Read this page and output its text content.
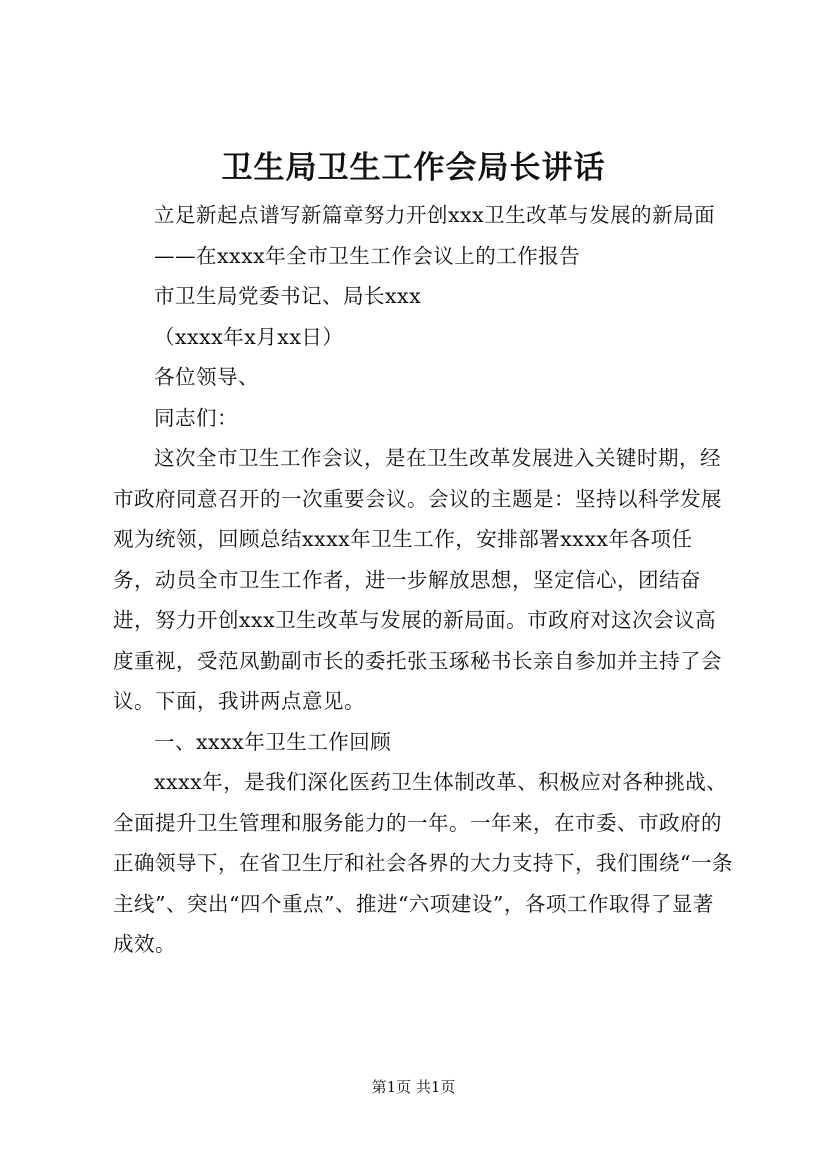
卫生局卫生工作会局长讲话

立足新起点谱写新篇章努力开创xxx卫生改革与发展的新局面

——在xxxx年全市卫生工作会议上的工作报告

市卫生局党委书记、局长xxx

（xxxx年x月xx日）

各位领导、

同志们：

这次全市卫生工作会议，是在卫生改革发展进入关键时期，经市政府同意召开的一次重要会议。会议的主题是：坚持以科学发展观为统领，回顾总结xxxx年卫生工作，安排部署xxxx年各项任务，动员全市卫生工作者，进一步解放思想，坚定信心，团结奋进，努力开创xxx卫生改革与发展的新局面。市政府对这次会议高度重视，受范凤勤副市长的委托张玉琢秘书长亲自参加并主持了会议。下面，我讲两点意见。

一、xxxx年卫生工作回顾

xxxx年，是我们深化医药卫生体制改革、积极应对各种挑战、全面提升卫生管理和服务能力的一年。一年来，在市委、市政府的正确领导下，在省卫生厅和社会各界的大力支持下，我们围绕“一条主线”、突出“四个重点”、推进“六项建设”，各项工作取得了显著成效。

第1页 共1页
